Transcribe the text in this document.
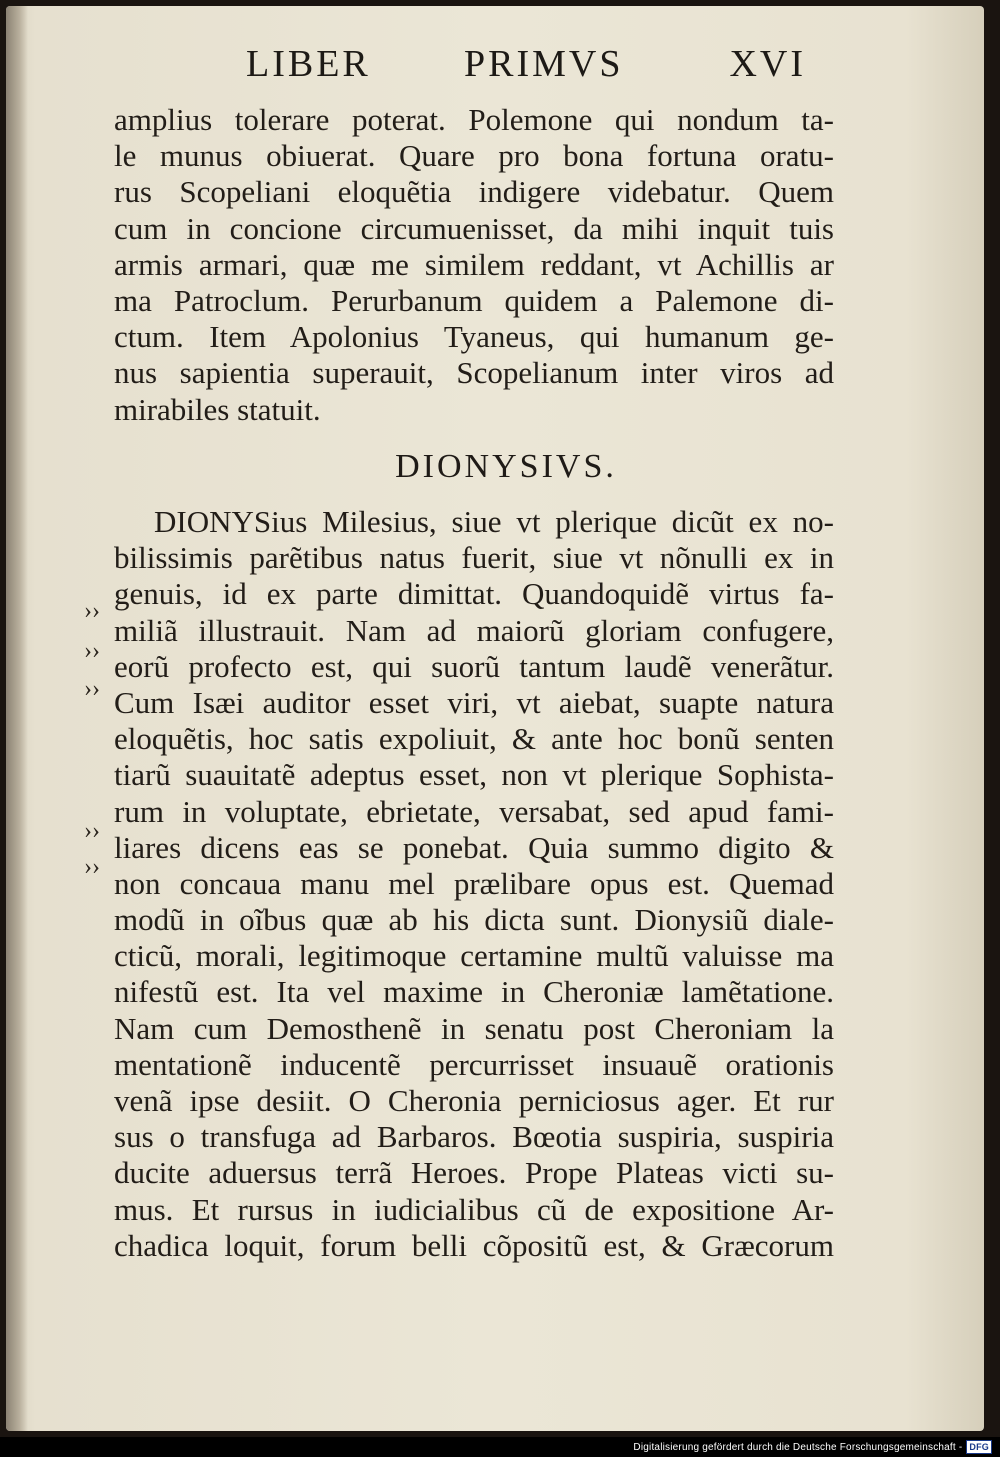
LIBER PRIMVS	XVI
amplius tolerare poterat. Polemone qui nondum ta-
le munus obiuerat. Quare pro bona fortuna oratu-
rus Scopeliani eloquẽtia indigere videbatur. Quem
cum in concione circumuenisset, da mihi inquit tuis
armis armari, quæ me similem reddant, vt Achillis ar
ma Patroclum. Perurbanum quidem a Palemone di-
ctum. Item Apolonius Tyaneus, qui humanum ge-
nus sapientia superauit, Scopelianum inter viros ad
mirabiles statuit.
DIONYSIVS.
DIONYSius Milesius, siue vt plerique dicũt ex no-
bilissimis parẽtibus natus fuerit, siue vt nõnulli ex in
genuis, id ex parte dimittat. Quandoquidẽ virtus fa-
miliã illustrauit. Nam ad maiorũ gloriam confugere,
eorũ profecto est, qui suorũ tantum laudẽ venerãtur.
Cum Isæi auditor esset viri, vt aiebat, suapte natura
eloquẽtis, hoc satis expoliuit, & ante hoc bonũ senten
tiarũ suauitatẽ adeptus esset, non vt plerique Sophista-
rum in voluptate, ebrietate, versabat, sed apud fami-
liares dicens eas se ponebat. Quia summo digito &
non concaua manu mel prælibare opus est. Quemad
modũ in oĩbus quæ ab his dicta sunt. Dionysiũ diale-
cticũ, morali, legitimoque certamine multũ valuisse ma
nifestũ est. Ita vel maxime in Cheroniæ lamẽtatione.
Nam cum Demosthenẽ in senatu post Cheroniam la
mentationẽ inducentẽ percurrisset insuauẽ orationis
venã ipse desiit. O Cheronia perniciosus ager. Et rur
sus o transfuga ad Barbaros. Bœotia suspiria, suspiria
ducite aduersus terrã Heroes. Prope Plateas victi su-
mus. Et rursus in iudicialibus cũ de expositione Ar-
chadica loquit, forum belli cõpositũ est, & Græcorum
››
››
››
››
››
Digitalisierung gefördert durch die Deutsche Forschungsgemeinschaft - DFG
